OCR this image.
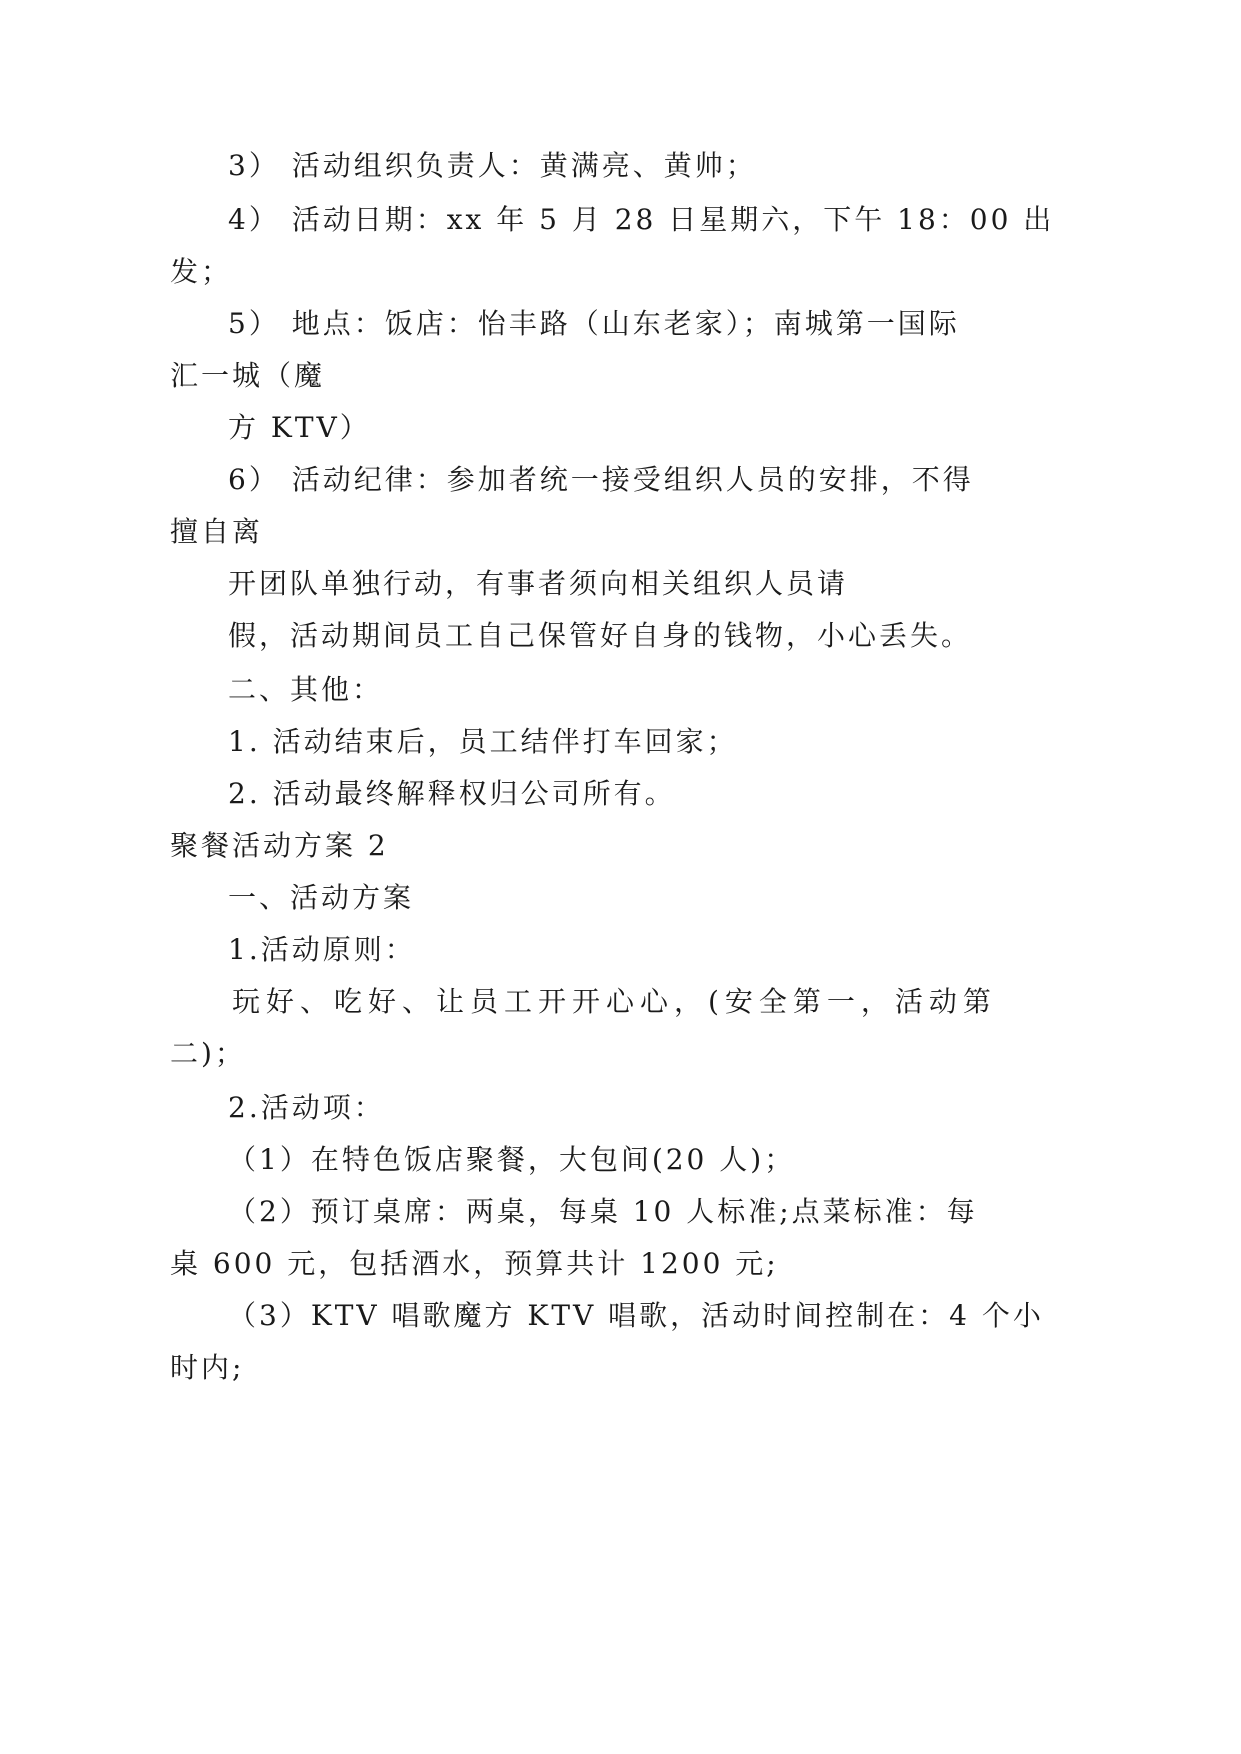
3） 活动组织负责人：黄满亮、黄帅；
4） 活动日期：xx 年 5 月 28 日星期六，下午 18：00 出
发；
5） 地点：饭店：怡丰路（山东老家）；南城第一国际
汇一城（魔
方 KTV）
6） 活动纪律：参加者统一接受组织人员的安排，不得
擅自离
开团队单独行动，有事者须向相关组织人员请
假，活动期间员工自己保管好自身的钱物，小心丢失。
二、其他：
1. 活动结束后，员工结伴打车回家；
2. 活动最终解释权归公司所有。
聚餐活动方案 2
一、活动方案
1.活动原则：
玩好、吃好、让员工开开心心，(安全第一，活动第
二)；
2.活动项：
（1）在特色饭店聚餐，大包间(20 人)；
（2）预订桌席：两桌，每桌 10 人标准;点菜标准：每
桌 600 元，包括酒水，预算共计 1200 元;
（3）KTV 唱歌魔方 KTV 唱歌，活动时间控制在：4 个小
时内;
